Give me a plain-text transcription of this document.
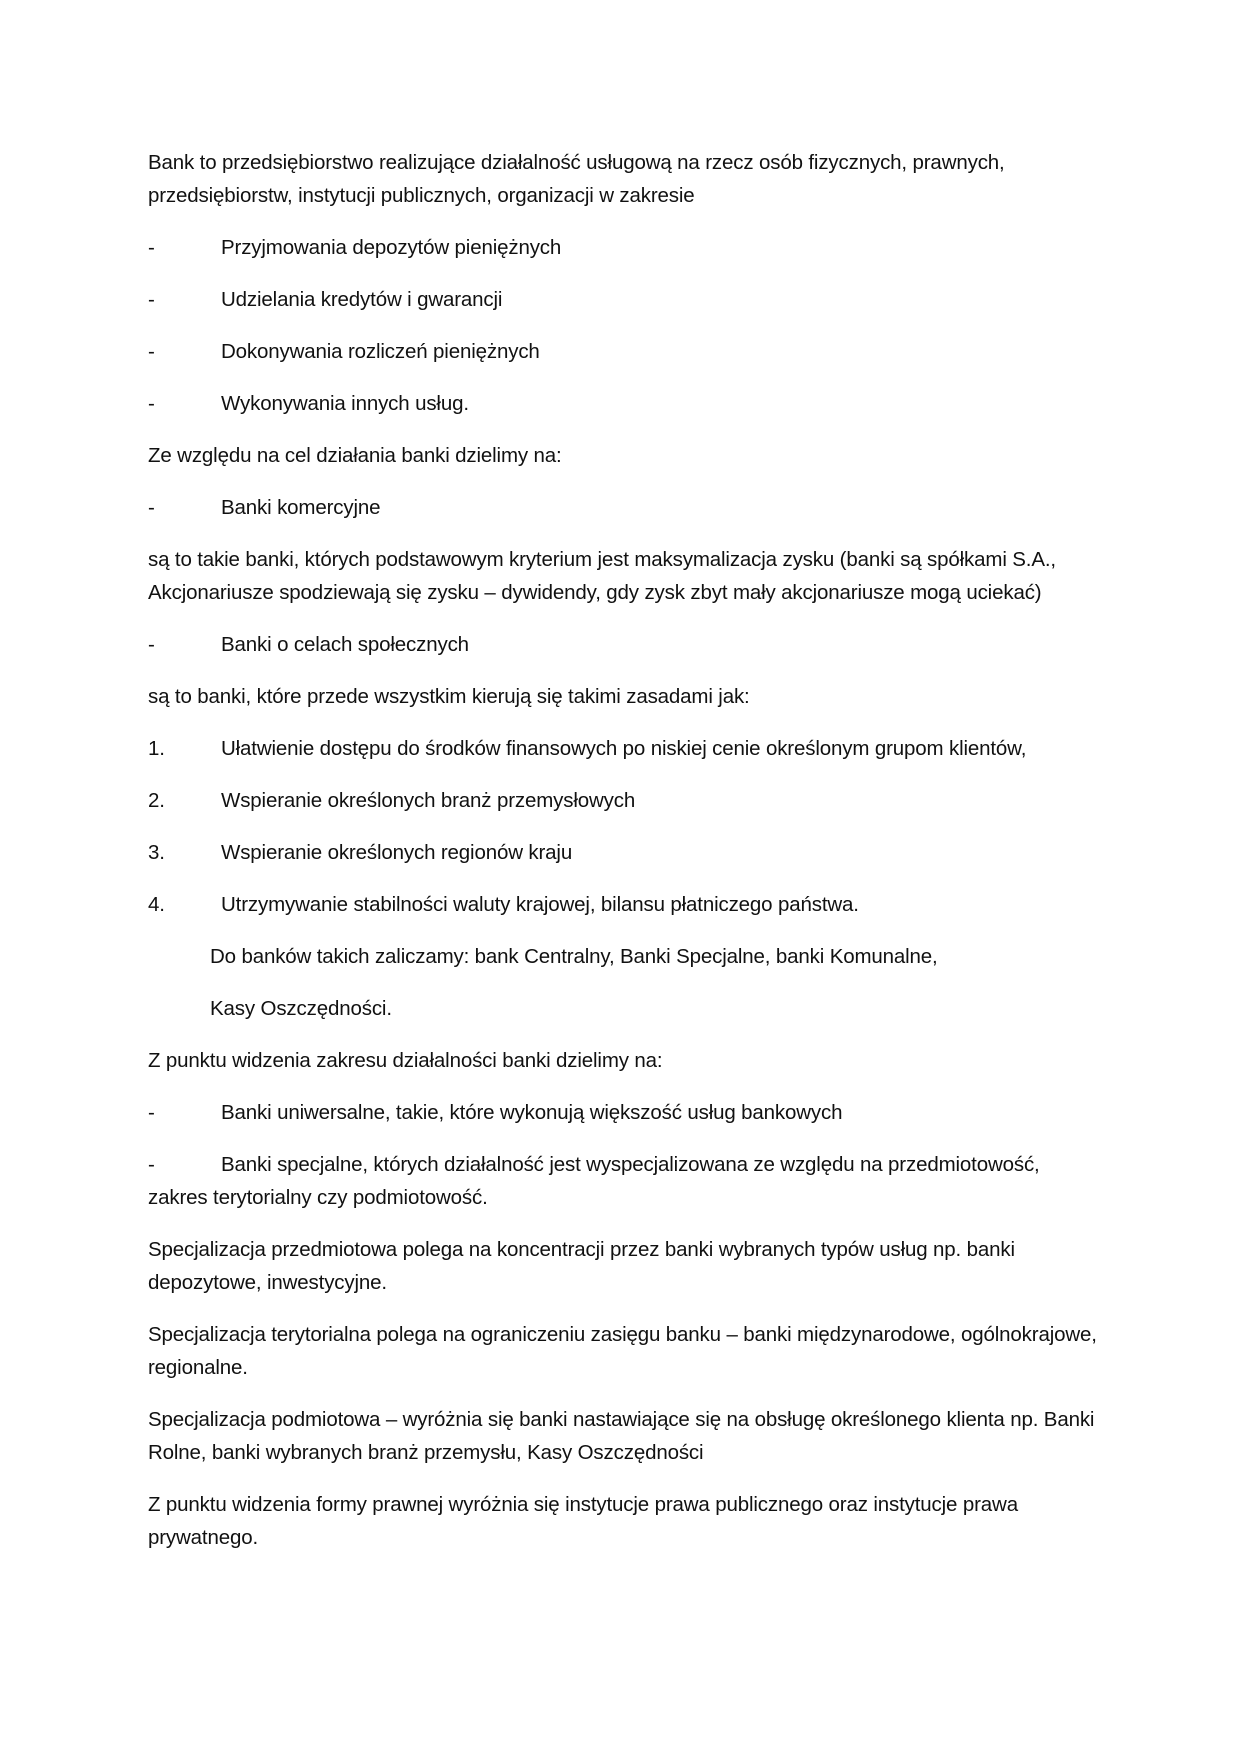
Bank to przedsiębiorstwo realizujące działalność usługową na rzecz osób fizycznych, prawnych, przedsiębiorstw, instytucji publicznych, organizacji w zakresie

-	Przyjmowania depozytów pieniężnych
-	Udzielania kredytów i gwarancji
-	Dokonywania rozliczeń pieniężnych
-	Wykonywania innych usług.

Ze względu na cel działania banki dzielimy na:

-	Banki komercyjne

są to takie banki, których podstawowym kryterium jest maksymalizacja zysku (banki są spółkami S.A., Akcjonariusze spodziewają się zysku – dywidendy, gdy zysk zbyt mały akcjonariusze mogą uciekać)

-	Banki o celach społecznych

są to banki, które przede wszystkim kierują się takimi zasadami jak:

1.	Ułatwienie dostępu do środków finansowych po niskiej cenie określonym grupom klientów,
2.	Wspieranie określonych branż przemysłowych
3.	Wspieranie określonych regionów kraju
4.	Utrzymywanie stabilności waluty krajowej, bilansu płatniczego państwa.

Do banków takich zaliczamy: bank Centralny, Banki Specjalne, banki Komunalne,

Kasy Oszczędności.

Z punktu widzenia zakresu działalności banki dzielimy na:

-	Banki uniwersalne, takie, które wykonują większość usług bankowych

-	Banki specjalne, których działalność jest wyspecjalizowana ze względu na przedmiotowość, zakres terytorialny czy podmiotowość.

Specjalizacja przedmiotowa polega na koncentracji przez banki wybranych typów usług np. banki depozytowe, inwestycyjne.

Specjalizacja terytorialna polega na ograniczeniu zasięgu banku – banki międzynarodowe, ogólnokrajowe, regionalne.

Specjalizacja podmiotowa – wyróżnia się banki nastawiające się na obsługę określonego klienta np. Banki Rolne, banki wybranych branż przemysłu, Kasy Oszczędności

Z punktu widzenia formy prawnej wyróżnia się instytucje prawa publicznego oraz instytucje prawa prywatnego.
